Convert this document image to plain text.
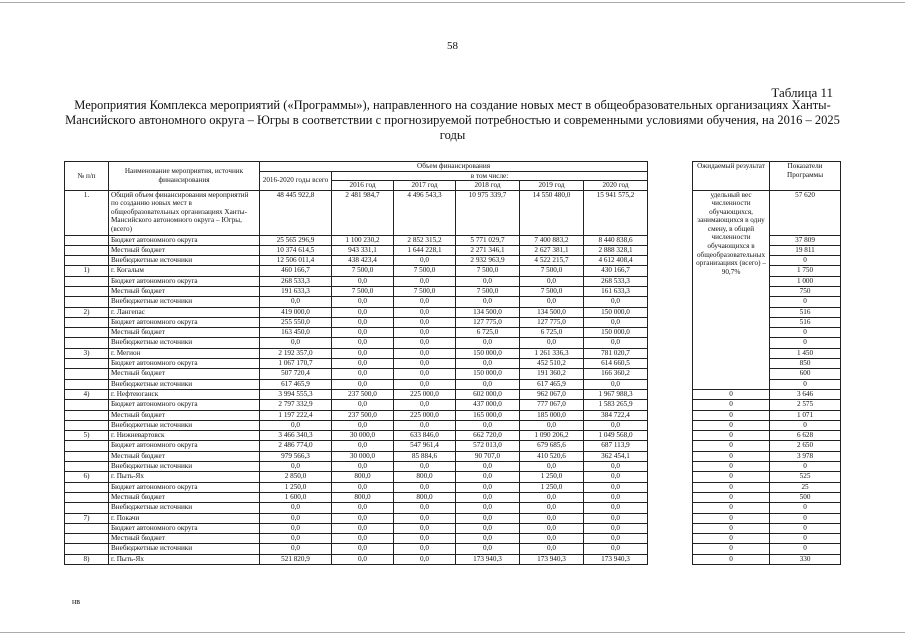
58
Таблица 11
Мероприятия Комплекса мероприятий («Программы»), направленного на создание новых мест в общеобразовательных организациях Ханты-Мансийского автономного округа – Югры в соответствии с прогнозируемой потребностью и современными условиями обучения, на 2016 – 2025 годы
№ п/п	Наименование мероприятия, источник финансирования	Объем финансирования							Ожидаемый результат	Показатели Программы
		2016-2020 годы всего	в том числе:							
			2016 год	2017 год	2018 год	2019 год	2020 год			
1.	Общий объем финансирования мероприятий по созданию новых мест в общеобразовательных организациях Ханты-Мансийского автономного округа – Югры, (всего)	48 445 922,8	2 481 984,7	4 496 543,3	10 975 339,7	14 550 480,0	15 941 575,2		удельный вес численности обучающихся, занимающихся в одну смену, в общей численности обучающихся в общеобразовательных организациях (всего) – 90,7%	57 620
	Бюджет автономного округа	25 565 296,9	1 100 230,2	2 852 315,2	5 771 029,7	7 400 883,2	8 440 838,6			37 809
	Местный бюджет	10 374 614,5	943 331,1	1 644 228,1	2 271 346,1	2 627 381,1	2 888 328,1			19 811
	Внебюджетные источники	12 506 011,4	438 423,4	0,0	2 932 963,9	4 522 215,7	4 612 408,4			0
1)	г. Когалым	460 166,7	7 500,0	7 500,0	7 500,0	7 500,0	430 166,7			1 750
	Бюджет автономного округа	268 533,3	0,0	0,0	0,0	0,0	268 533,3			1 000
	Местный бюджет	191 633,3	7 500,0	7 500,0	7 500,0	7 500,0	161 633,3			750
	Внебюджетные источники	0,0	0,0	0,0	0,0	0,0	0,0			0
2)	г. Лангепас	419 000,0	0,0	0,0	134 500,0	134 500,0	150 000,0			516
	Бюджет автономного округа	255 550,0	0,0	0,0	127 775,0	127 775,0	0,0			516
	Местный бюджет	163 450,0	0,0	0,0	6 725,0	6 725,0	150 000,0			0
	Внебюджетные источники	0,0	0,0	0,0	0,0	0,0	0,0			0
3)	г. Мегион	2 192 357,0	0,0	0,0	150 000,0	1 261 336,3	781 020,7			1 450
	Бюджет автономного округа	1 067 170,7	0,0	0,0	0,0	452 510,2	614 660,5			850
	Местный бюджет	507 720,4	0,0	0,0	150 000,0	191 360,2	166 360,2			600
	Внебюджетные источники	617 465,9	0,0	0,0	0,0	617 465,9	0,0			0
4)	г. Нефтеюганск	3 994 555,3	237 500,0	225 000,0	602 000,0	962 067,0	1 967 988,3		0	3 646
	Бюджет автономного округа	2 797 332,9	0,0	0,0	437 000,0	777 067,0	1 583 265,9		0	2 575
	Местный бюджет	1 197 222,4	237 500,0	225 000,0	165 000,0	185 000,0	384 722,4		0	1 071
	Внебюджетные источники	0,0	0,0	0,0	0,0	0,0	0,0		0	0
5)	г. Нижневартовск	3 466 340,3	30 000,0	633 846,0	662 720,0	1 090 206,2	1 049 568,0		0	6 628
	Бюджет автономного округа	2 486 774,0	0,0	547 961,4	572 013,0	679 685,6	687 113,9		0	2 650
	Местный бюджет	979 566,3	30 000,0	85 884,6	90 707,0	410 520,6	362 454,1		0	3 978
	Внебюджетные источники	0,0	0,0	0,0	0,0	0,0	0,0		0	0
6)	г. Пыть-Ях	2 850,0	800,0	800,0	0,0	1 250,0	0,0		0	525
	Бюджет автономного округа	1 250,0	0,0	0,0	0,0	1 250,0	0,0		0	25
	Местный бюджет	1 600,0	800,0	800,0	0,0	0,0	0,0		0	500
	Внебюджетные источники	0,0	0,0	0,0	0,0	0,0	0,0		0	0
7)	г. Покачи	0,0	0,0	0,0	0,0	0,0	0,0		0	0
	Бюджет автономного округа	0,0	0,0	0,0	0,0	0,0	0,0		0	0
	Местный бюджет	0,0	0,0	0,0	0,0	0,0	0,0		0	0
	Внебюджетные источники	0,0	0,0	0,0	0,0	0,0	0,0		0	0
8)	г. Пыть-Ях	521 820,9	0,0	0,0	173 940,3	173 940,3	173 940,3		0	330
нв
